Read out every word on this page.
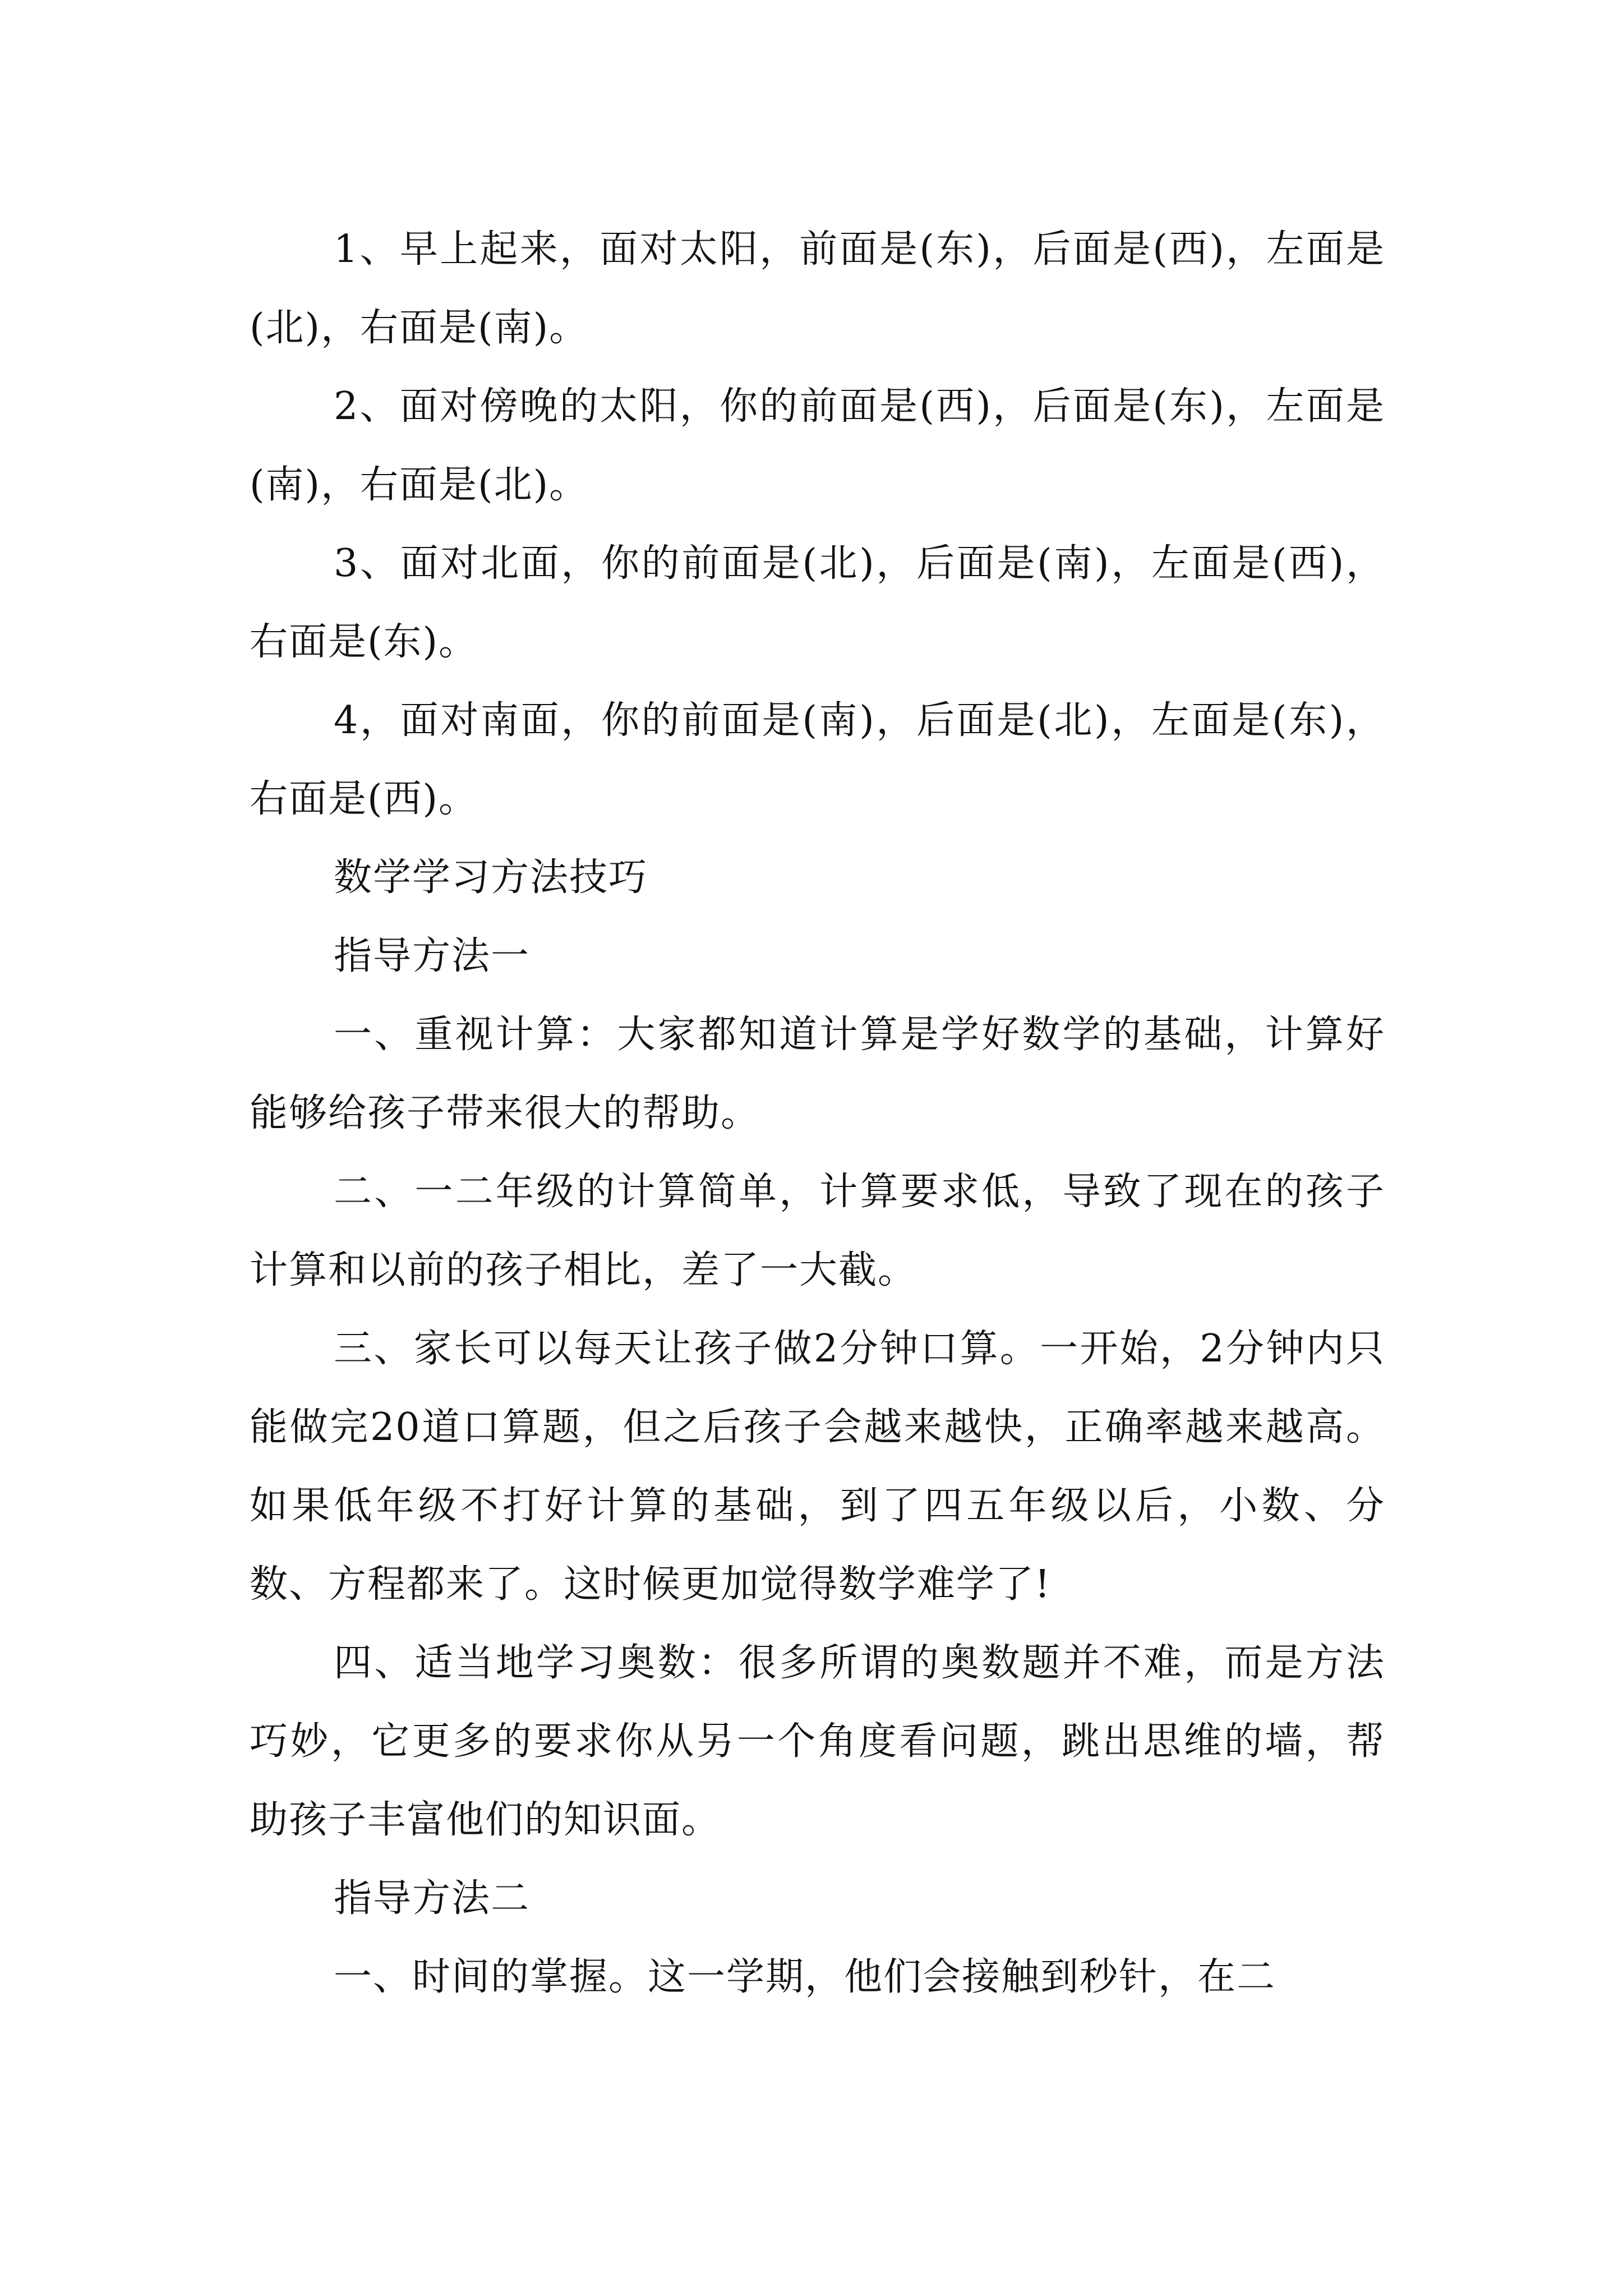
1、早上起来，面对太阳，前面是(东)，后面是(西)，左面是(北)，右面是(南)。

2、面对傍晚的太阳，你的前面是(西)，后面是(东)，左面是(南)，右面是(北)。

3、面对北面，你的前面是(北)，后面是(南)，左面是(西)，右面是(东)。

4，面对南面，你的前面是(南)，后面是(北)，左面是(东)，右面是(西)。

数学学习方法技巧

指导方法一

一、重视计算：大家都知道计算是学好数学的基础，计算好能够给孩子带来很大的帮助。

二、一二年级的计算简单，计算要求低，导致了现在的孩子计算和以前的孩子相比，差了一大截。

三、家长可以每天让孩子做2分钟口算。一开始，2分钟内只能做完20道口算题，但之后孩子会越来越快，正确率越来越高。如果低年级不打好计算的基础，到了四五年级以后，小数、分数、方程都来了。这时候更加觉得数学难学了!

四、适当地学习奥数：很多所谓的奥数题并不难，而是方法巧妙，它更多的要求你从另一个角度看问题，跳出思维的墙，帮助孩子丰富他们的知识面。

指导方法二

一、时间的掌握。这一学期，他们会接触到秒针，在二
